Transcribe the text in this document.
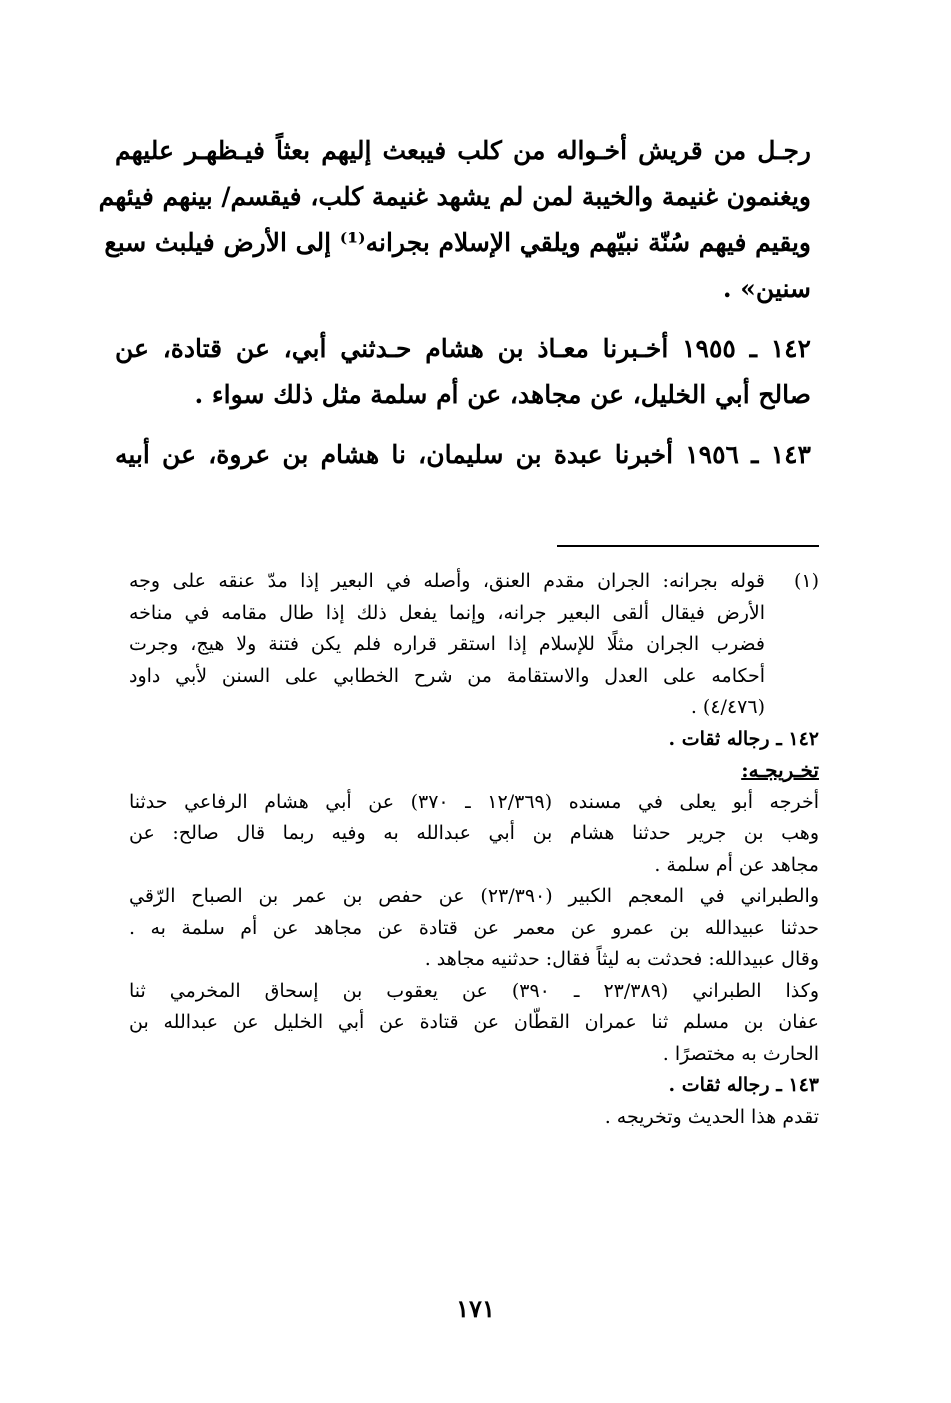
رجـل من قريش أخـواله من كلب فيبعث إليهم بعثاً فيـظهـر عليهم
ويغنمون غنيمة والخيبة لمن لم يشهد غنيمة كلب، فيقسم/ بينهم فيئهم
ويقيم فيهم سُنّة نبيّهم ويلقي الإسلام بجرانه⁽¹⁾ إلى الأرض فيلبث سبع
سنين» .
١٤٢ ـ ١٩٥٥ أخـبرنا معـاذ بن هشام حـدثني أبي، عن قتادة، عن
صالح أبي الخليل، عن مجاهد، عن أم سلمة مثل ذلك سواء .
١٤٣ ـ ١٩٥٦ أخبرنا عبدة بن سليمان، نا هشام بن عروة، عن أبيه
(١)
قوله بجرانه: الجران مقدم العنق، وأصله في البعير إذا مدّ عنقه على وجه
الأرض فيقال ألقى البعير جرانه، وإنما يفعل ذلك إذا طال مقامه في مناخه
فضرب الجران مثلًا للإسلام إذا استقر قراره فلم يكن فتنة ولا هيج، وجرت
أحكامه على العدل والاستقامة من شرح الخطابي على السنن لأبي داود
(٤/٤٧٦) .
١٤٢ ـ رجاله ثقات .
تخـريجـه:
أخرجه أبو يعلى في مسنده (١٢/٣٦٩ ـ ٣٧٠) عن أبي هشام الرفاعي حدثنا
وهب بن جرير حدثنا هشام بن أبي عبدالله به وفيه ربما قال صالح: عن
مجاهد عن أم سلمة .
والطبراني في المعجم الكبير (٢٣/٣٩٠) عن حفص بن عمر بن الصباح الرّقي
حدثنا عبيدالله بن عمرو عن معمر عن قتادة عن مجاهد عن أم سلمة به .
وقال عبيدالله: فحدثت به ليثاً فقال: حدثنيه مجاهد .
وكذا الطبراني (٢٣/٣٨٩ ـ ٣٩٠) عن يعقوب بن إسحاق المخرمي ثنا
عفان بن مسلم ثنا عمران القطّان عن قتادة عن أبي الخليل عن عبدالله بن
الحارث به مختصرًا .
١٤٣ ـ رجاله ثقات .
تقدم هذا الحديث وتخريجه .
١٧١
